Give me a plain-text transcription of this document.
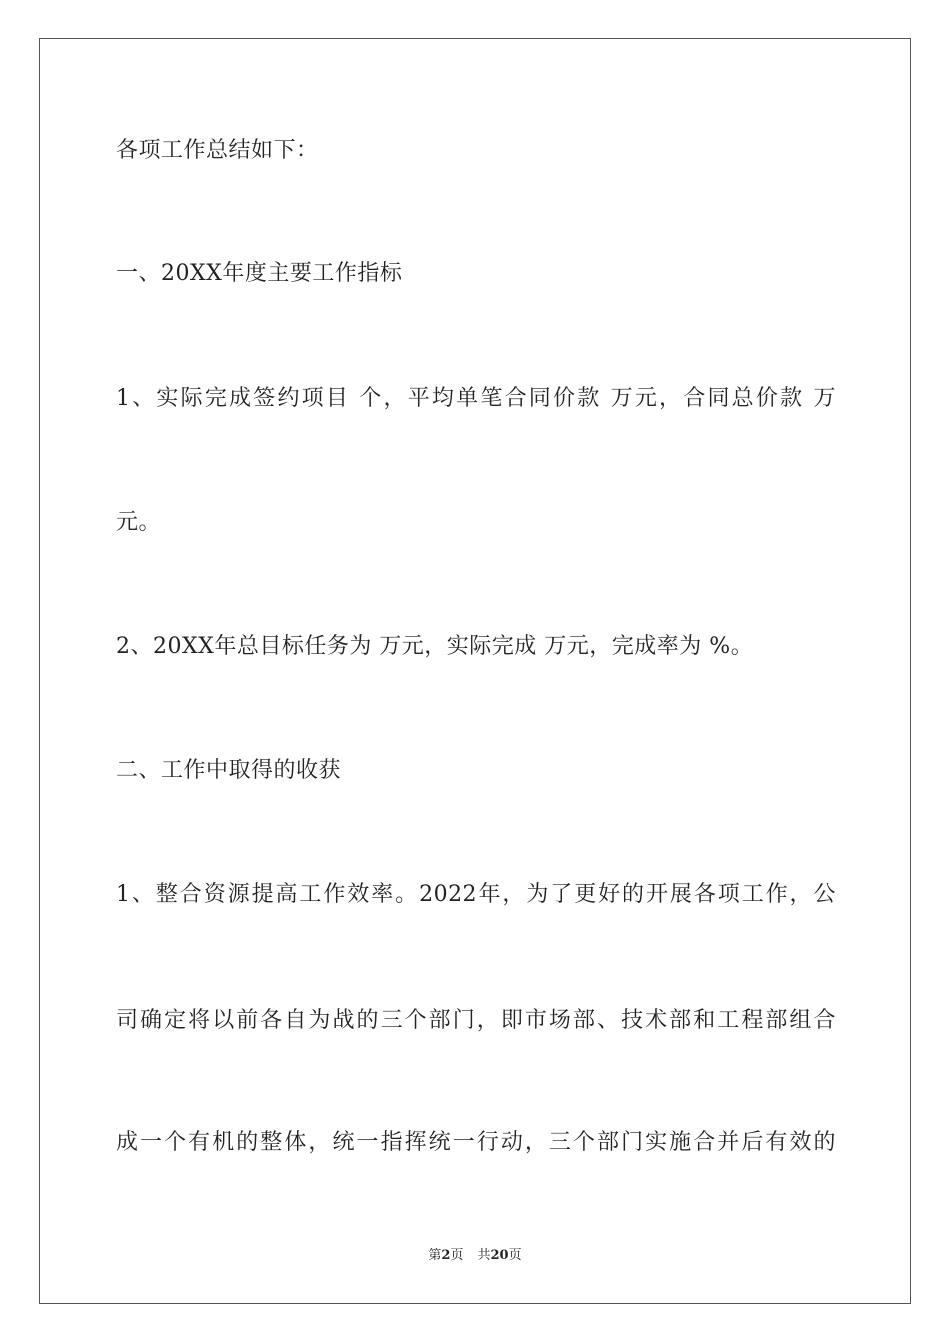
各项工作总结如下：
一、20XX年度主要工作指标
1、实际完成签约项目 个，平均单笔合同价款 万元，合同总价款 万
元。
2、20XX年总目标任务为 万元，实际完成 万元，完成率为 %。
二、工作中取得的收获
1、整合资源提高工作效率。2022年，为了更好的开展各项工作，公
司确定将以前各自为战的三个部门，即市场部、技术部和工程部组合
成一个有机的整体，统一指挥统一行动，三个部门实施合并后有效的
第2页 共20页
